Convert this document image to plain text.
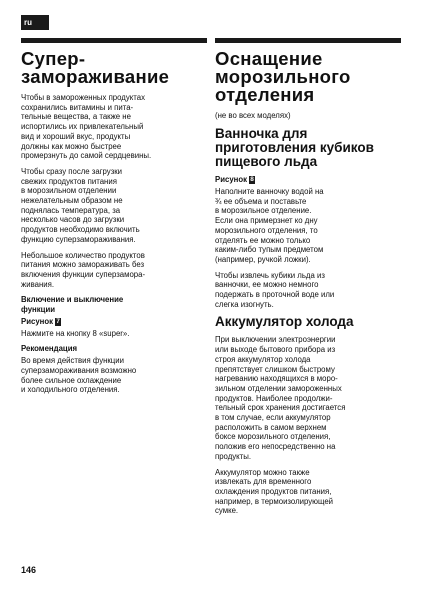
ru
Супер-
замораживание
Чтобы в замороженных продуктах
сохранились витамины и пита-
тельные вещества, а также не
испортились их привлекательный
вид и хороший вкус, продукты
должны как можно быстрее
промерзнуть до самой сердцевины.
Чтобы сразу после загрузки
свежих продуктов питания
в морозильном отделении
нежелательным образом не
поднялась температура, за
несколько часов до загрузки
продуктов необходимо включить
функцию суперзамораживания.
Небольшое количество продуктов
питания можно замораживать без
включения функции суперзамора-
живания.
Включение и выключение
функции
Рисунок 7
Нажмите на кнопку 8 «super».
Рекомендация
Во время действия функции
суперзамораживания возможно
более сильное охлаждение
и холодильного отделения.
Оснащение
морозильного
отделения
(не во всех моделях)
Ванночка для
приготовления кубиков
пищевого льда
Рисунок 8
Наполните ванночку водой на
¾ ее объема и поставьте
в морозильное отделение.
Если она примерзнет ко дну
морозильного отделения, то
отделять ее можно только
каким-либо тупым предметом
(например, ручкой ложки).
Чтобы извлечь кубики льда из
ванночки, ее можно немного
подержать в проточной воде или
слегка изогнуть.
Аккумулятор холода
При выключении электроэнергии
или выходе бытового прибора из
строя аккумулятор холода
препятствует слишком быстрому
нагреванию находящихся в моро-
зильном отделении замороженных
продуктов. Наиболее продолжи-
тельный срок хранения достигается
в том случае, если аккумулятор
расположить в самом верхнем
боксе морозильного отделения,
положив его непосредственно на
продукты.
Аккумулятор можно также
извлекать для временного
охлаждения продуктов питания,
например, в термоизолирующей
сумке.
146
